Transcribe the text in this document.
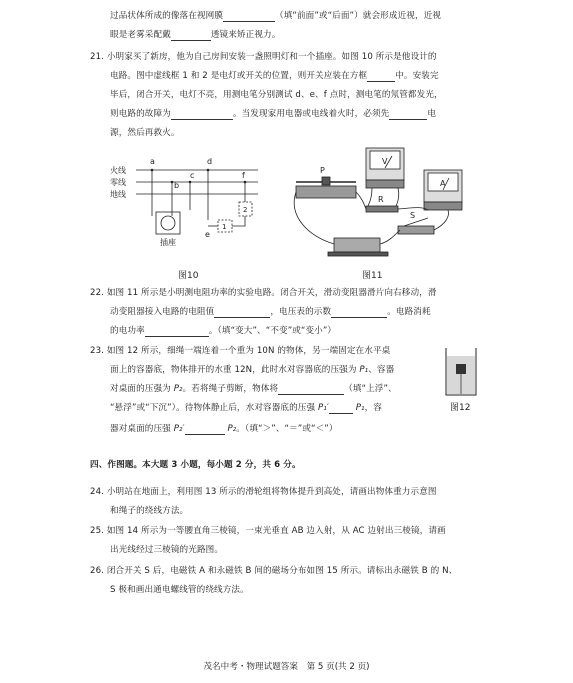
过品状体所成的像落在视网膜	（填“前面”或“后面”）就会形成近视，近视
眼是老雾采配戴	透镜来矫正视力。
21. 小明家买了新房，他为自己房间安装一盏照明灯和一个插座。如图 10 所示是他设计的
电路。图中虚线框 1 和 2 是电灯或开关的位置，则开关应装在方框	中。安装完
毕后，闭合开关，电灯不亮，用测电笔分别测试 d、e、f 点时，测电笔的氖管都发光，
则电路的故障为	。当发现家用电器或电线着火时，必须先	电
源，然后再救火。
火线
零线
地线
a
b
c
d
f
e
插座
1
2
图10
V
A
P
R
S
图11
22. 如图 11 所示是小明测电阻功率的实验电路。闭合开关，滑动变阻器滑片向右移动，滑
动变阻器接入电路的电阻值	，电压表的示数	。电路消耗
的电功率	。（填“变大”、“不变”或“变小”）
23. 如图 12 所示，细绳一端连着一个重为 10N 的物体，另一端固定在水平桌
面上的容器底，物体排开的水重 12N，此时水对容器底的压强为 P₁、容器
对桌面的压强为 P₂。若将绳子剪断，物体将	（填“上浮”、
“悬浮”或“下沉”）。待物体静止后，水对容器底的压强 P₁′	P₁，容
器对桌面的压强 P₂′	P₂。（填“＞”、“＝”或“＜”）
图12
四、作图题。本大题 3 小题，每小题 2 分，共 6 分。
24. 小明站在地面上，利用图 13 所示的滑轮组将物体提升到高处，请画出物体重力示意图
和绳子的绕线方法。
25. 如图 14 所示为一等腰直角三棱镜，一束光垂直 AB 边入射，从 AC 边射出三棱镜，请画
出光线经过三棱镜的光路图。
26. 闭合开关 S 后，电磁铁 A 和永磁铁 B 间的磁场分布如图 15 所示。请标出永磁铁 B 的 N、
S 极和画出通电螺线管的绕线方法。
茂名中考・物理试题答案　第 5 页(共 2 页)
